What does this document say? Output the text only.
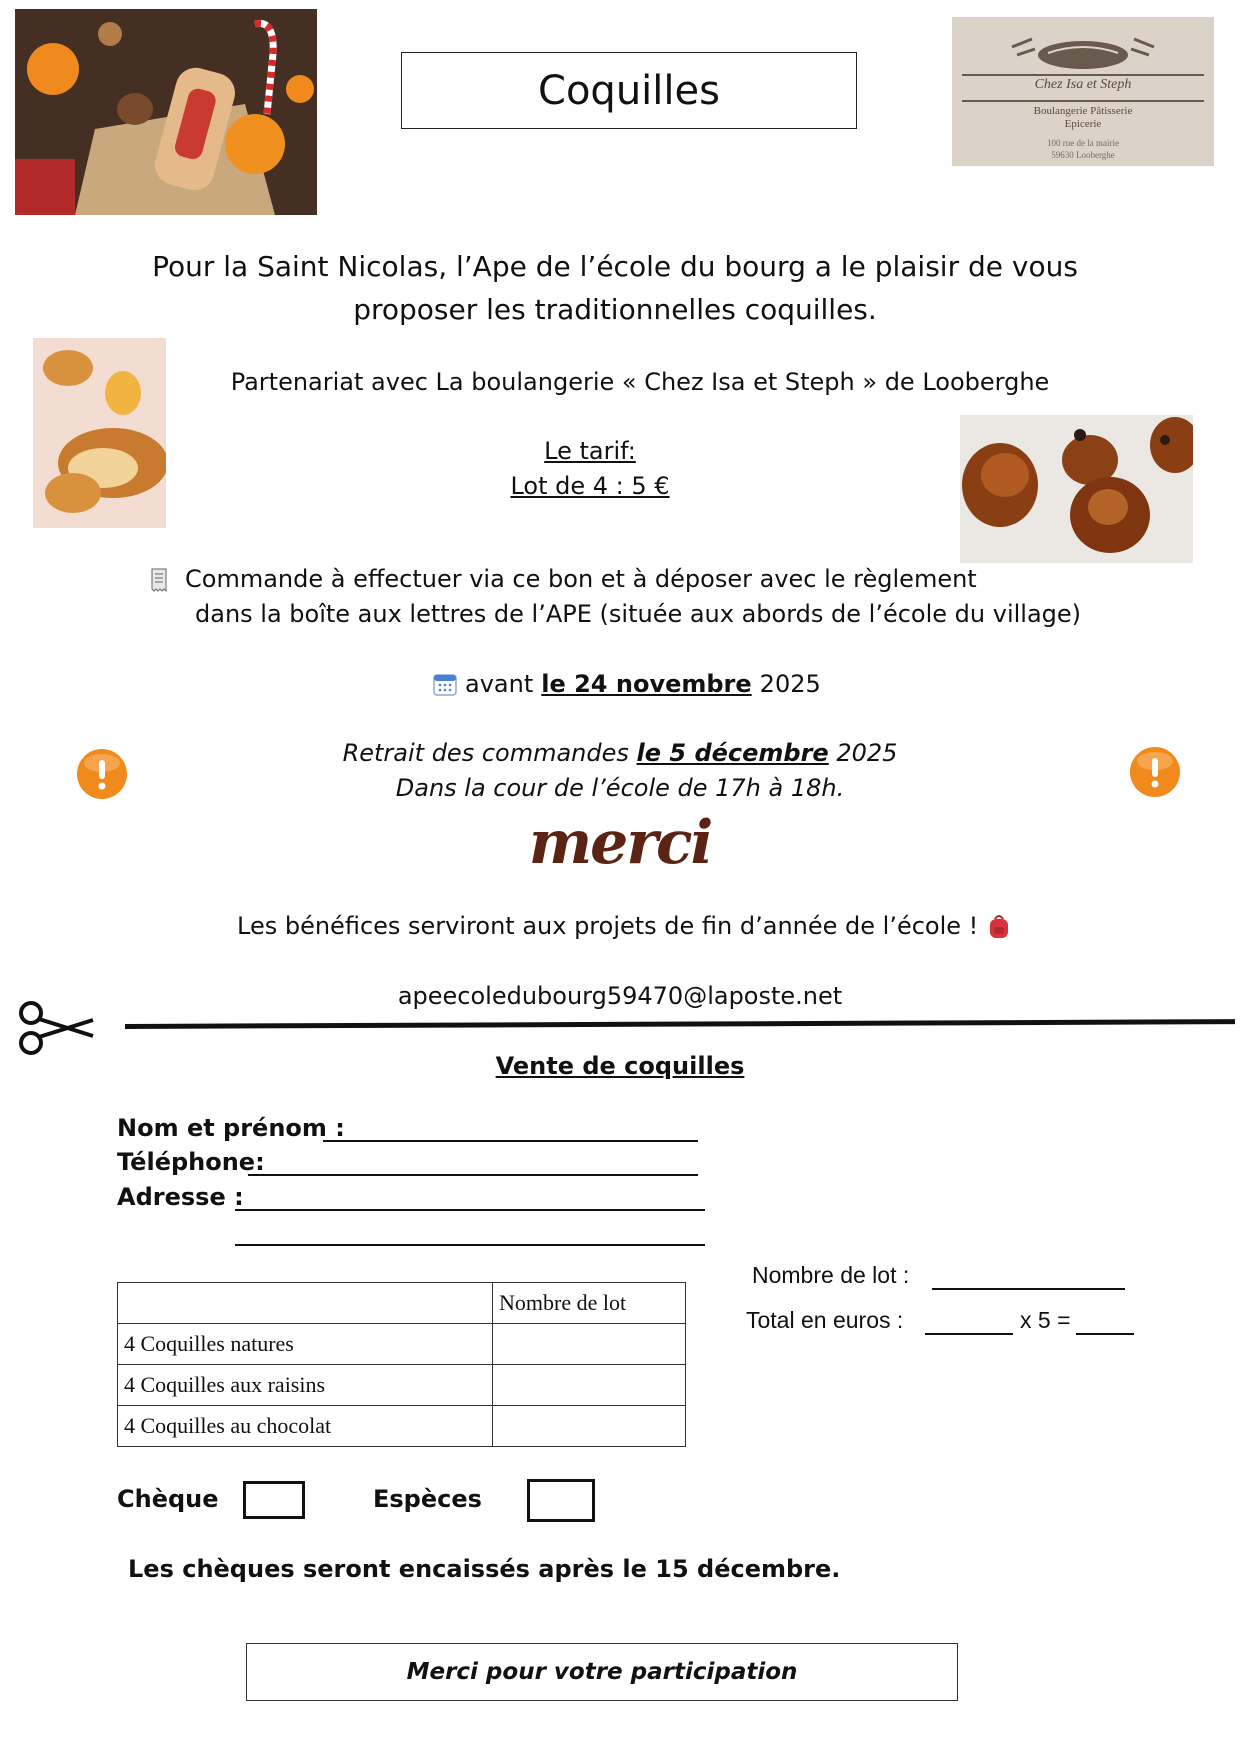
Coquilles	Chez Isa et Steph
Boulangerie Pâtisserie
Epicerie
100 rue de la mairie
59630 Looberghe
Pour la Saint Nicolas, l’Ape de l’école du bourg a le plaisir de vous
proposer les traditionnelles coquilles.
Partenariat avec La boulangerie « Chez Isa et Steph » de Looberghe
Le tarif:
Lot de 4 : 5 €
Commande à effectuer via ce bon et à déposer avec le règlement
dans la boîte aux lettres de l’APE (située aux abords de l’école du village)
avant le 24 novembre 2025
Retrait des commandes le 5 décembre 2025
Dans la cour de l’école de 17h à 18h.
merci
Les bénéfices serviront aux projets de fin d’année de l’école !
apeecoledubourg59470@laposte.net
Vente de coquilles
Nom et prénom :
Téléphone:
Adresse :
	Nombre de lot
4 Coquilles natures	
4 Coquilles aux raisins	
4 Coquilles au chocolat	
Nombre de lot :
Total en euros :	x 5 =
Chèque	Espèces
Les chèques seront encaissés après le 15 décembre.
Merci pour votre participation
